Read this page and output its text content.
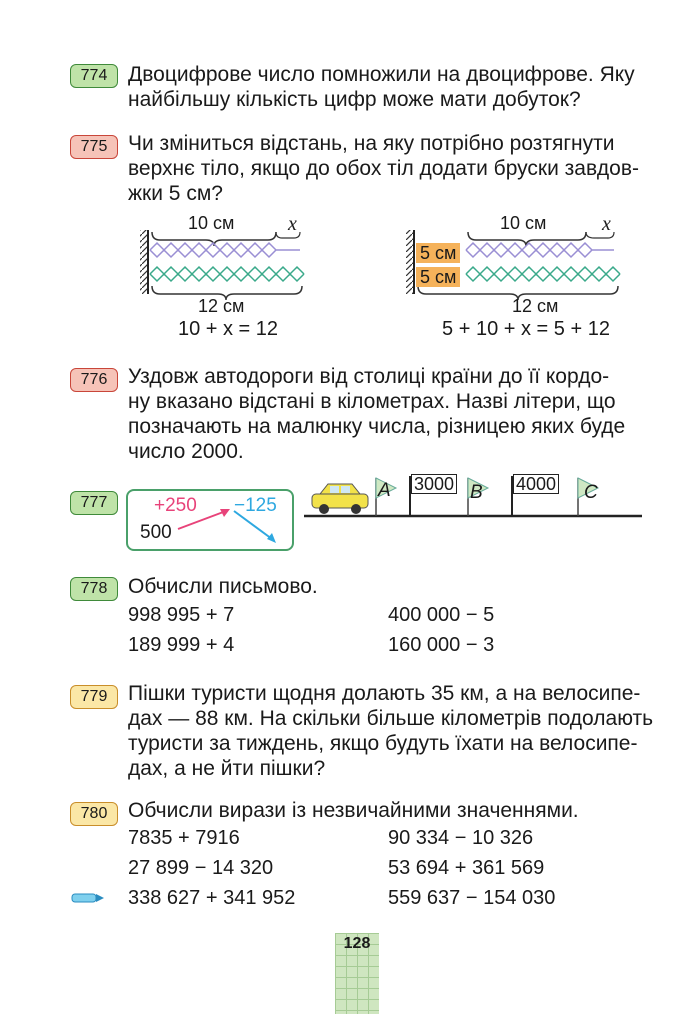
774 Двоцифрове число помножили на двоцифрове. Яку
найбільшу кількість цифр може мати добуток?
775 Чи зміниться відстань, на яку потрібно розтягнути
верхнє тіло, якщо до обох тіл додати бруски завдов-
жки 5 см?
10 см	x
12 см
10 + x = 12
5 см
5 см
10 см	x
12 см
5 + 10 + x = 5 + 12
776 Уздовж автодороги від столиці країни до її кордо-
ну вказано відстані в кілометрах. Назві літери, що
позначають на малюнку числа, різницею яких буде
число 2000.
777	+250 −125
500
A 3000 B 4000 C
778 Обчисли письмово.
998 995 + 7	400 000 − 5
189 999 + 4	160 000 − 3
779 Пішки туристи щодня долають 35 км, а на велосипе-
дах — 88 км. На скільки більше кілометрів подолають
туристи за тиждень, якщо будуть їхати на велосипе-
дах, а не йти пішки?
780 Обчисли вирази із незвичайними значеннями.
7835 + 7916	90 334 − 10 326
27 899 − 14 320	53 694 + 361 569
338 627 + 341 952	559 637 − 154 030
128
